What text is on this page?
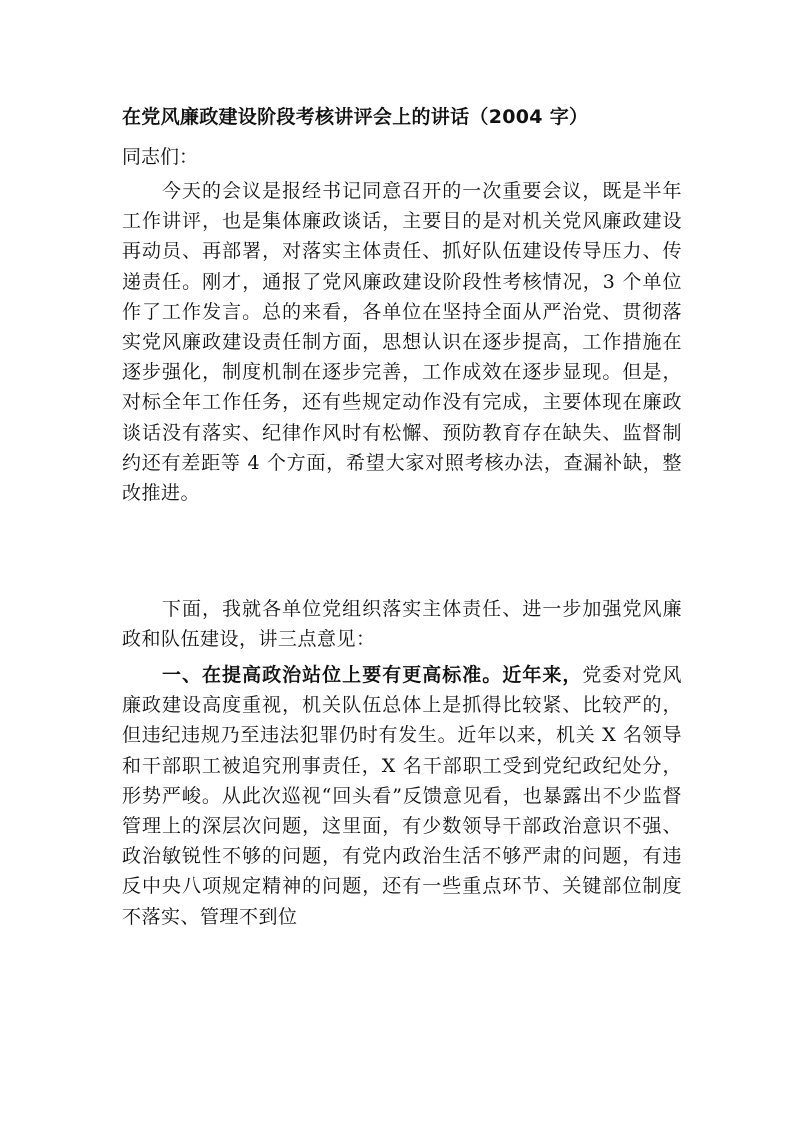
在党风廉政建设阶段考核讲评会上的讲话（2004 字）
同志们：
今天的会议是报经书记同意召开的一次重要会议，既是半年工作讲评，也是集体廉政谈话，主要目的是对机关党风廉政建设再动员、再部署，对落实主体责任、抓好队伍建设传导压力、传递责任。刚才，通报了党风廉政建设阶段性考核情况，3 个单位作了工作发言。总的来看，各单位在坚持全面从严治党、贯彻落实党风廉政建设责任制方面，思想认识在逐步提高，工作措施在逐步强化，制度机制在逐步完善，工作成效在逐步显现。但是，对标全年工作任务，还有些规定动作没有完成，主要体现在廉政谈话没有落实、纪律作风时有松懈、预防教育存在缺失、监督制约还有差距等 4 个方面，希望大家对照考核办法，查漏补缺，整改推进。
下面，我就各单位党组织落实主体责任、进一步加强党风廉政和队伍建设，讲三点意见：
一、在提高政治站位上要有更高标准。近年来，党委对党风廉政建设高度重视，机关队伍总体上是抓得比较紧、比较严的，但违纪违规乃至违法犯罪仍时有发生。近年以来，机关 X 名领导和干部职工被追究刑事责任，X 名干部职工受到党纪政纪处分，形势严峻。从此次巡视“回头看”反馈意见看，也暴露出不少监督管理上的深层次问题，这里面，有少数领导干部政治意识不强、政治敏锐性不够的问题，有党内政治生活不够严肃的问题，有违反中央八项规定精神的问题，还有一些重点环节、关键部位制度不落实、管理不到位
